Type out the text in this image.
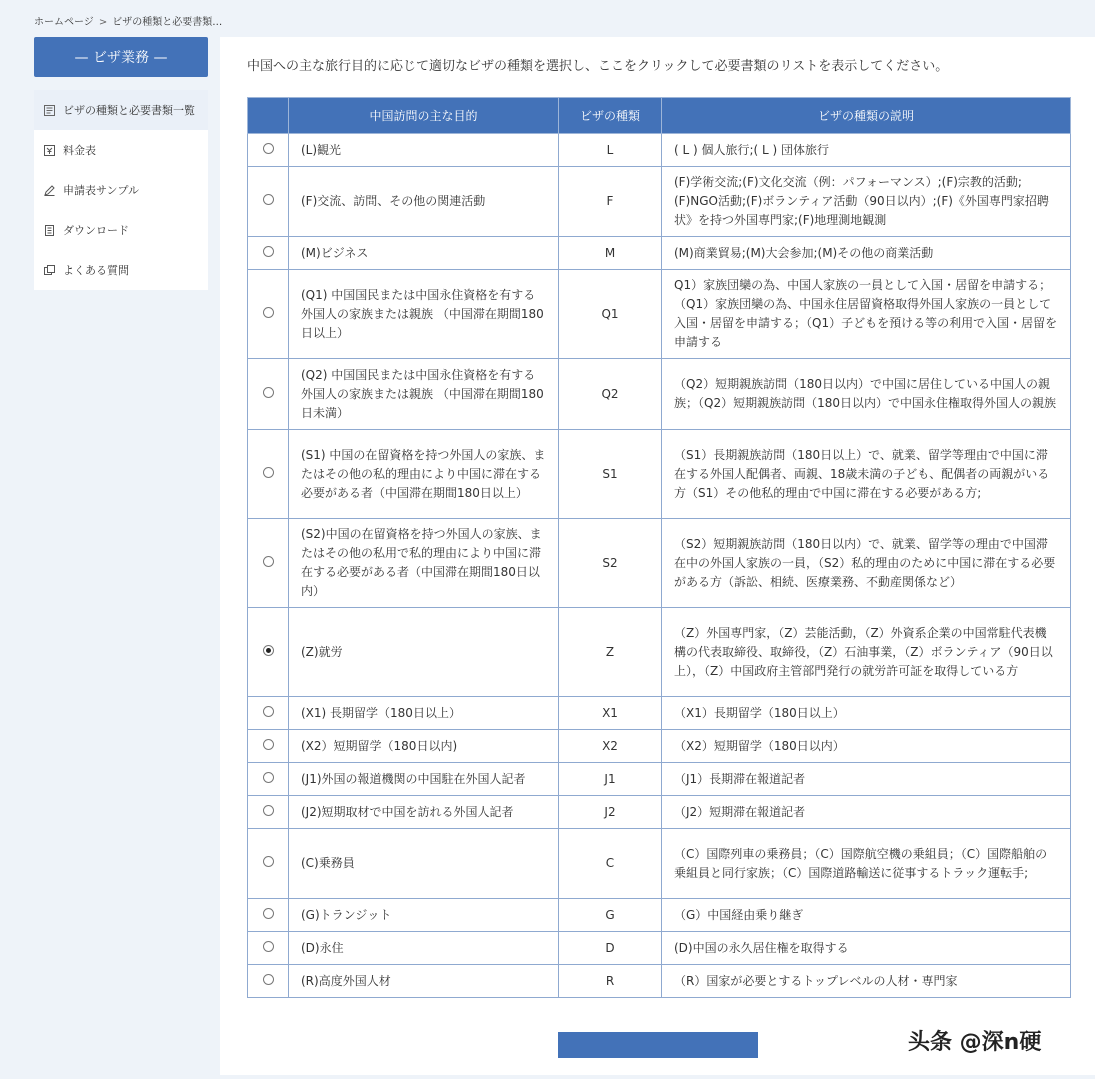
ホームページ > ビザの種類と必要書類…
— ビザ業務 —
ビザの種類と必要書類一覧
料金表
申請表サンプル
ダウンロード
よくある質問
中国への主な旅行目的に応じて適切なビザの種類を選択し、ここをクリックして必要書類のリストを表示してください。
	中国訪問の主な目的	ビザの種類	ビザの種類の説明
	(L)観光	L	( L ) 個人旅行;( L ) 団体旅行
	(F)交流、訪問、その他の関連活動	F	(F)学術交流;(F)文化交流（例：パフォーマンス）;(F)宗教的活動;(F)NGO活動;(F)ボランティア活動（90日以内）;(F)《外国専門家招聘状》を持つ外国専門家;(F)地理測地観測
	(M)ビジネス	M	(M)商業貿易;(M)大会参加;(M)その他の商業活動
	(Q1) 中国国民または中国永住資格を有する外国人の家族または親族 （中国滞在期間180日以上）	Q1	Q1）家族団欒の為、中国人家族の一員として入国・居留を申請する；（Q1）家族団欒の為、中国永住居留資格取得外国人家族の一員として入国・居留を申請する；（Q1）子どもを預ける等の利用で入国・居留を申請する
	(Q2) 中国国民または中国永住資格を有する外国人の家族または親族 （中国滞在期間180日未満）	Q2	（Q2）短期親族訪問（180日以内）で中国に居住している中国人の親族；（Q2）短期親族訪問（180日以内）で中国永住権取得外国人の親族
	(S1) 中国の在留資格を持つ外国人の家族、またはその他の私的理由により中国に滞在する必要がある者（中国滞在期間180日以上）	S1	（S1）長期親族訪問（180日以上）で、就業、留学等理由で中国に滞在する外国人配偶者、両親、18歳未満の子ども、配偶者の両親がいる方（S1）その他私的理由で中国に滞在する必要がある方;
	(S2)中国の在留資格を持つ外国人の家族、またはその他の私用で私的理由により中国に滞在する必要がある者（中国滞在期間180日以内）	S2	（S2）短期親族訪問（180日以内）で、就業、留学等の理由で中国滞在中の外国人家族の一員，（S2）私的理由のために中国に滞在する必要がある方（訴訟、相続、医療業務、不動産関係など）
	(Z)就労	Z	（Z）外国専門家，（Z）芸能活動，（Z）外資系企業の中国常駐代表機構の代表取締役、取締役，（Z）石油事業，（Z）ボランティア（90日以上），（Z）中国政府主管部門発行の就労許可証を取得している方
	(X1) 長期留学（180日以上）	X1	（X1）長期留学（180日以上）
	(X2）短期留学（180日以内)	X2	（X2）短期留学（180日以内）
	(J1)外国の報道機関の中国駐在外国人記者	J1	（J1）長期滞在報道記者
	(J2)短期取材で中国を訪れる外国人記者	J2	（J2）短期滞在報道記者
	(C)乗務員	C	（C）国際列車の乗務員；（C）国際航空機の乗組員；（C）国際船舶の乗組員と同行家族；（C）国際道路輸送に従事するトラック運転手;
	(G)トランジット	G	（G）中国経由乗り継ぎ
	(D)永住	D	(D)中国の永久居住権を取得する
	(R)高度外国人材	R	（R）国家が必要とするトップレベルの人材・専門家
头条 @深n硬
